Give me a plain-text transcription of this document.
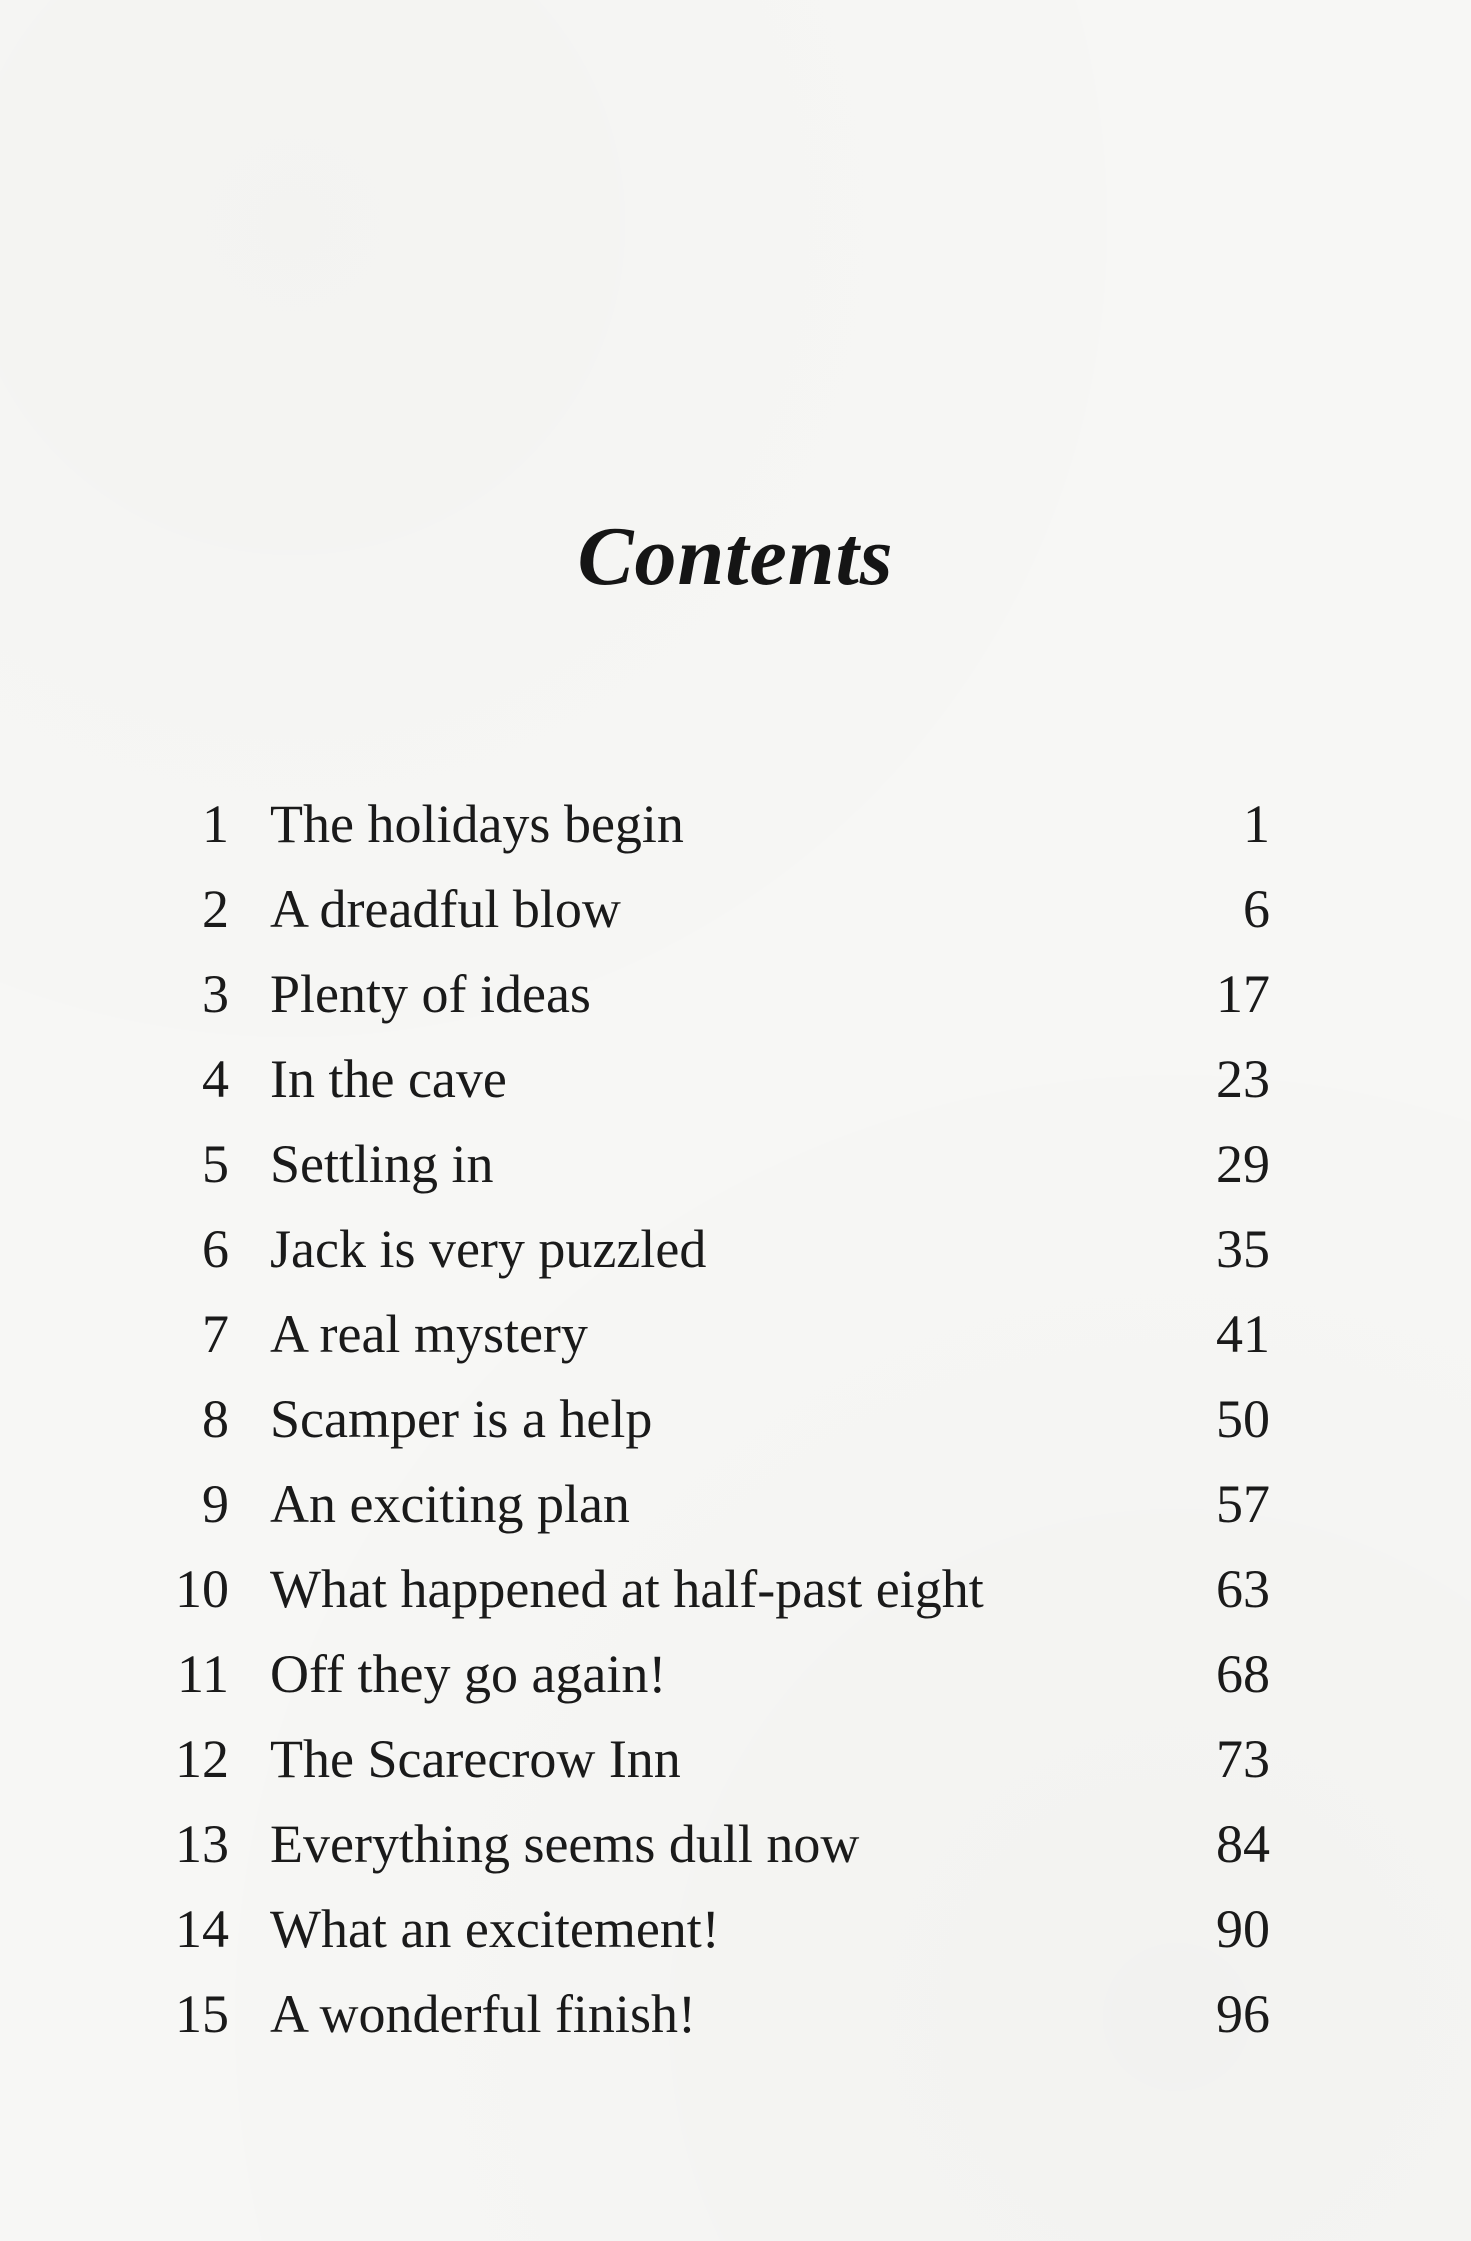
Contents
1 The holidays begin	1
2 A dreadful blow	6
3 Plenty of ideas	17
4 In the cave	23
5 Settling in	29
6 Jack is very puzzled	35
7 A real mystery	41
8 Scamper is a help	50
9 An exciting plan	57
10 What happened at half-past eight	63
11 Off they go again!	68
12 The Scarecrow Inn	73
13 Everything seems dull now	84
14 What an excitement!	90
15 A wonderful finish!	96
